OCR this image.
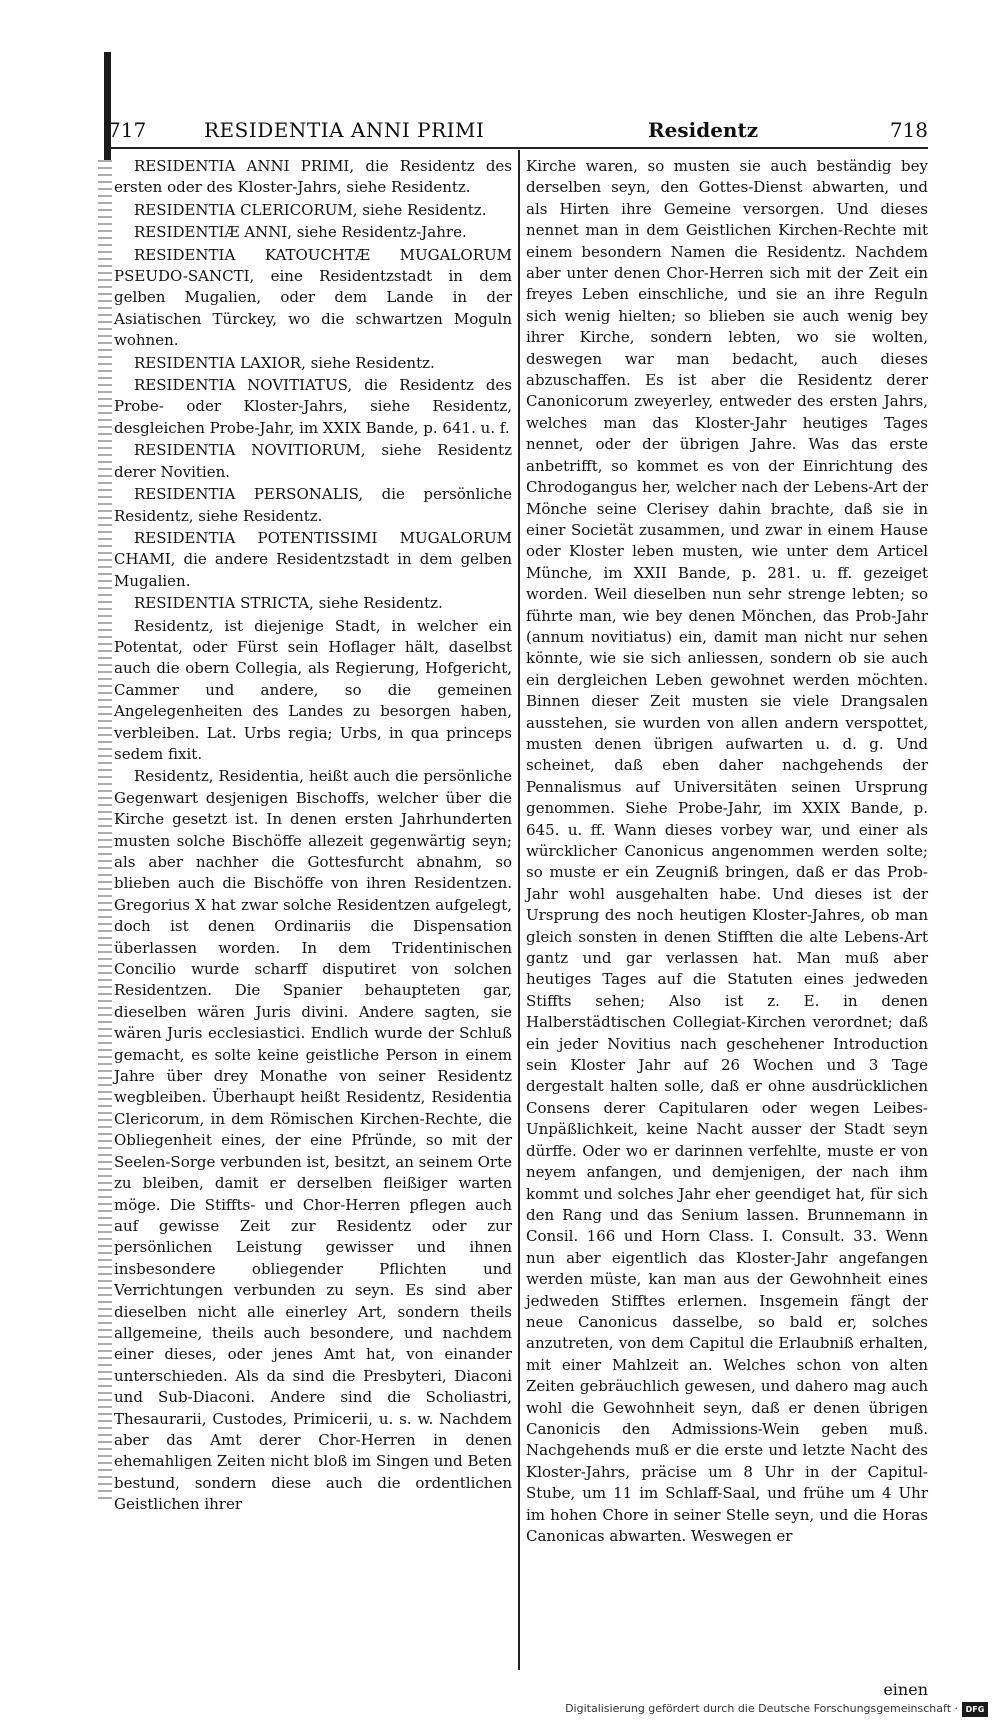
717	RESIDENTIA ANNI PRIMI	Residentz	718

RESIDENTIA ANNI PRIMI, die Residentz des ersten oder des Kloster-Jahrs, siehe Residentz.

RESIDENTIA CLERICORUM, siehe Residentz.

RESIDENTIÆ ANNI, siehe Residentz-Jahre.

RESIDENTIA KATOUCHTÆ MUGALORUM PSEUDO-SANCTI, eine Residentzstadt in dem gelben Mugalien, oder dem Lande in der Asiatischen Türckey, wo die schwartzen Moguln wohnen.

RESIDENTIA LAXIOR, siehe Residentz.

RESIDENTIA NOVITIATUS, die Residentz des Probe- oder Kloster-Jahrs, siehe Residentz, desgleichen Probe-Jahr, im XXIX Bande, p. 641. u. f.

RESIDENTIA NOVITIORUM, siehe Residentz derer Novitien.

RESIDENTIA PERSONALIS, die persönliche Residentz, siehe Residentz.

RESIDENTIA POTENTISSIMI MUGALORUM CHAMI, die andere Residentzstadt in dem gelben Mugalien.

RESIDENTIA STRICTA, siehe Residentz.

Residentz, ist diejenige Stadt, in welcher ein Potentat, oder Fürst sein Hoflager hält, daselbst auch die obern Collegia, als Regierung, Hofgericht, Cammer und andere, so die gemeinen Angelegenheiten des Landes zu besorgen haben, verbleiben. Lat. Urbs regia; Urbs, in qua princeps sedem fixit.

Residentz, Residentia, heißt auch die persönliche Gegenwart desjenigen Bischoffs, welcher über die Kirche gesetzt ist. In denen ersten Jahrhunderten musten solche Bischöffe allezeit gegenwärtig seyn; als aber nachher die Gottesfurcht abnahm, so blieben auch die Bischöffe von ihren Residentzen. Gregorius X hat zwar solche Residentzen aufgelegt, doch ist denen Ordinariis die Dispensation überlassen worden. In dem Tridentinischen Concilio wurde scharff disputiret von solchen Residentzen. Die Spanier behaupteten gar, dieselben wären Juris divini. Andere sagten, sie wären Juris ecclesiastici. Endlich wurde der Schluß gemacht, es solte keine geistliche Person in einem Jahre über drey Monathe von seiner Residentz wegbleiben. Überhaupt heißt Residentz, Residentia Clericorum, in dem Römischen Kirchen-Rechte, die Obliegenheit eines, der eine Pfründe, so mit der Seelen-Sorge verbunden ist, besitzt, an seinem Orte zu bleiben, damit er derselben fleißiger warten möge. Die Stiffts- und Chor-Herren pflegen auch auf gewisse Zeit zur Residentz oder zur persönlichen Leistung gewisser und ihnen insbesondere obliegender Pflichten und Verrichtungen verbunden zu seyn. Es sind aber dieselben nicht alle einerley Art, sondern theils allgemeine, theils auch besondere, und nachdem einer dieses, oder jenes Amt hat, von einander unterschieden. Als da sind die Presbyteri, Diaconi und Sub-Diaconi. Andere sind die Scholiastri, Thesaurarii, Custodes, Primicerii, u. s. w. Nachdem aber das Amt derer Chor-Herren in denen ehemahligen Zeiten nicht bloß im Singen und Beten bestund, sondern diese auch die ordentlichen Geistlichen ihrer

Kirche waren, so musten sie auch beständig bey derselben seyn, den Gottes-Dienst abwarten, und als Hirten ihre Gemeine versorgen. Und dieses nennet man in dem Geistlichen Kirchen-Rechte mit einem besondern Namen die Residentz. Nachdem aber unter denen Chor-Herren sich mit der Zeit ein freyes Leben einschliche, und sie an ihre Reguln sich wenig hielten; so blieben sie auch wenig bey ihrer Kirche, sondern lebten, wo sie wolten, deswegen war man bedacht, auch dieses abzuschaffen. Es ist aber die Residentz derer Canonicorum zweyerley, entweder des ersten Jahrs, welches man das Kloster-Jahr heutiges Tages nennet, oder der übrigen Jahre. Was das erste anbetrifft, so kommet es von der Einrichtung des Chrodogangus her, welcher nach der Lebens-Art der Mönche seine Clerisey dahin brachte, daß sie in einer Societät zusammen, und zwar in einem Hause oder Kloster leben musten, wie unter dem Articel Münche, im XXII Bande, p. 281. u. ff. gezeiget worden. Weil dieselben nun sehr strenge lebten; so führte man, wie bey denen Mönchen, das Prob-Jahr (annum novitiatus) ein, damit man nicht nur sehen könnte, wie sie sich anliessen, sondern ob sie auch ein dergleichen Leben gewohnet werden möchten. Binnen dieser Zeit musten sie viele Drangsalen ausstehen, sie wurden von allen andern verspottet, musten denen übrigen aufwarten u. d. g. Und scheinet, daß eben daher nachgehends der Pennalismus auf Universitäten seinen Ursprung genommen. Siehe Probe-Jahr, im XXIX Bande, p. 645. u. ff. Wann dieses vorbey war, und einer als würcklicher Canonicus angenommen werden solte; so muste er ein Zeugniß bringen, daß er das Prob-Jahr wohl ausgehalten habe. Und dieses ist der Ursprung des noch heutigen Kloster-Jahres, ob man gleich sonsten in denen Stifften die alte Lebens-Art gantz und gar verlassen hat. Man muß aber heutiges Tages auf die Statuten eines jedweden Stiffts sehen; Also ist z. E. in denen Halberstädtischen Collegiat-Kirchen verordnet; daß ein jeder Novitius nach geschehener Introduction sein Kloster Jahr auf 26 Wochen und 3 Tage dergestalt halten solle, daß er ohne ausdrücklichen Consens derer Capitularen oder wegen Leibes-Unpäßlichkeit, keine Nacht ausser der Stadt seyn dürffe. Oder wo er darinnen verfehlte, muste er von neyem anfangen, und demjenigen, der nach ihm kommt und solches Jahr eher geendiget hat, für sich den Rang und das Senium lassen. Brunnemann in Consil. 166 und Horn Class. I. Consult. 33. Wenn nun aber eigentlich das Kloster-Jahr angefangen werden müste, kan man aus der Gewohnheit eines jedweden Stifftes erlernen. Insgemein fängt der neue Canonicus dasselbe, so bald er, solches anzutreten, von dem Capitul die Erlaubniß erhalten, mit einer Mahlzeit an. Welches schon von alten Zeiten gebräuchlich gewesen, und dahero mag auch wohl die Gewohnheit seyn, daß er denen übrigen Canonicis den Admissions-Wein geben muß. Nachgehends muß er die erste und letzte Nacht des Kloster-Jahrs, präcise um 8 Uhr in der Capitul-Stube, um 11 im Schlaff-Saal, und frühe um 4 Uhr im hohen Chore in seiner Stelle seyn, und die Horas Canonicas abwarten. Weswegen er

einen
Digitalisierung gefördert durch die Deutsche Forschungsgemeinschaft · DFG
